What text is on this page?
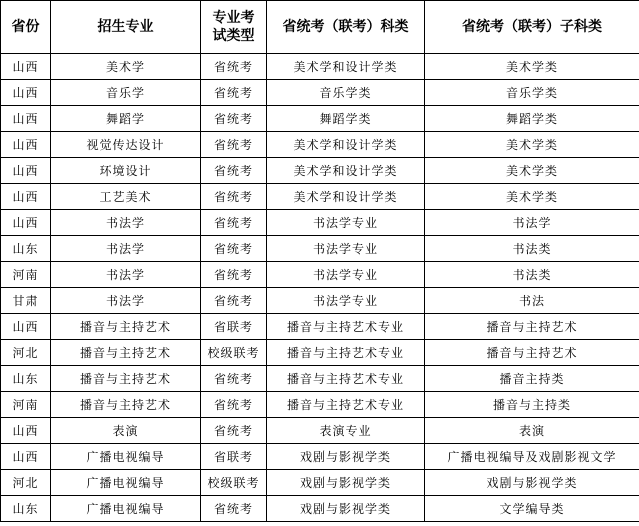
省份	招生专业	专业考试类型	省统考（联考）科类	省统考（联考）子科类
山西	美术学	省统考	美术学和设计学类	美术学类
山西	音乐学	省统考	音乐学类	音乐学类
山西	舞蹈学	省统考	舞蹈学类	舞蹈学类
山西	视觉传达设计	省统考	美术学和设计学类	美术学类
山西	环境设计	省统考	美术学和设计学类	美术学类
山西	工艺美术	省统考	美术学和设计学类	美术学类
山西	书法学	省统考	书法学专业	书法学
山东	书法学	省统考	书法学专业	书法类
河南	书法学	省统考	书法学专业	书法类
甘肃	书法学	省统考	书法学专业	书法
山西	播音与主持艺术	省联考	播音与主持艺术专业	播音与主持艺术
河北	播音与主持艺术	校级联考	播音与主持艺术专业	播音与主持艺术
山东	播音与主持艺术	省统考	播音与主持艺术专业	播音主持类
河南	播音与主持艺术	省统考	播音与主持艺术专业	播音与主持类
山西	表演	省统考	表演专业	表演
山西	广播电视编导	省联考	戏剧与影视学类	广播电视编导及戏剧影视文学
河北	广播电视编导	校级联考	戏剧与影视学类	戏剧与影视学类
山东	广播电视编导	省统考	戏剧与影视学类	文学编导类
